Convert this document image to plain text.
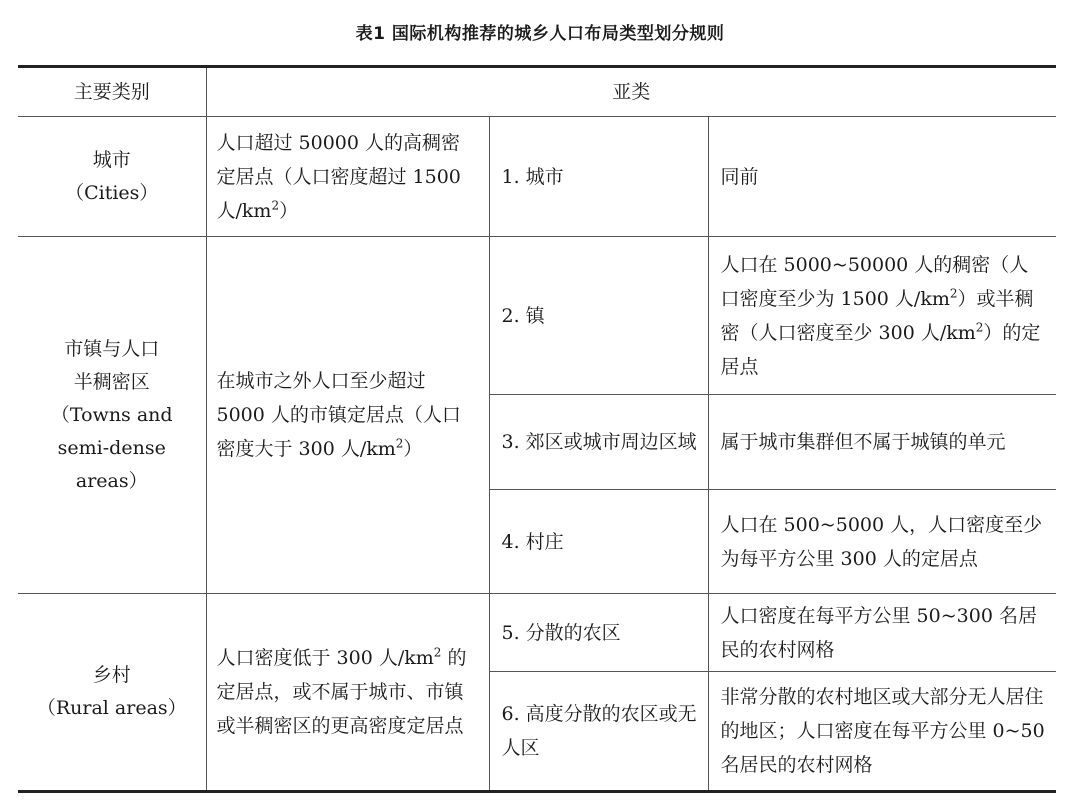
表1 国际机构推荐的城乡人口布局类型划分规则
主要类别	亚类		

城市
（Cities）	人口超过 50000 人的高稠密定居点（人口密度超过 1500 人$/km^2$）	1. 城市	同前

市镇与人口
半稠密区
（Towns and
semi-dense areas）	在城市之外人口至少超过 5000 人的市镇定居点（人口密度大于 300 人$/km^2$）	2. 镇	人口在 5000~50000 人的稠密（人口密度至少为 1500 人$/km^2$）或半稠密（人口密度至少 300 人$/km^2$）的定居点
		3. 郊区或城市周边区域	属于城市集群但不属于城镇的单元
		4. 村庄	人口在 500~5000 人，人口密度至少为每平方公里 300 人的定居点

乡村
（Rural areas）	人口密度低于 300 人$/km^2$ 的定居点，或不属于城市、市镇或半稠密区的更高密度定居点	5. 分散的农区	人口密度在每平方公里 50~300 名居民的农村网格
		6. 高度分散的农区或无人区	非常分散的农村地区或大部分无人居住的地区；人口密度在每平方公里 0~50 名居民的农村网格
